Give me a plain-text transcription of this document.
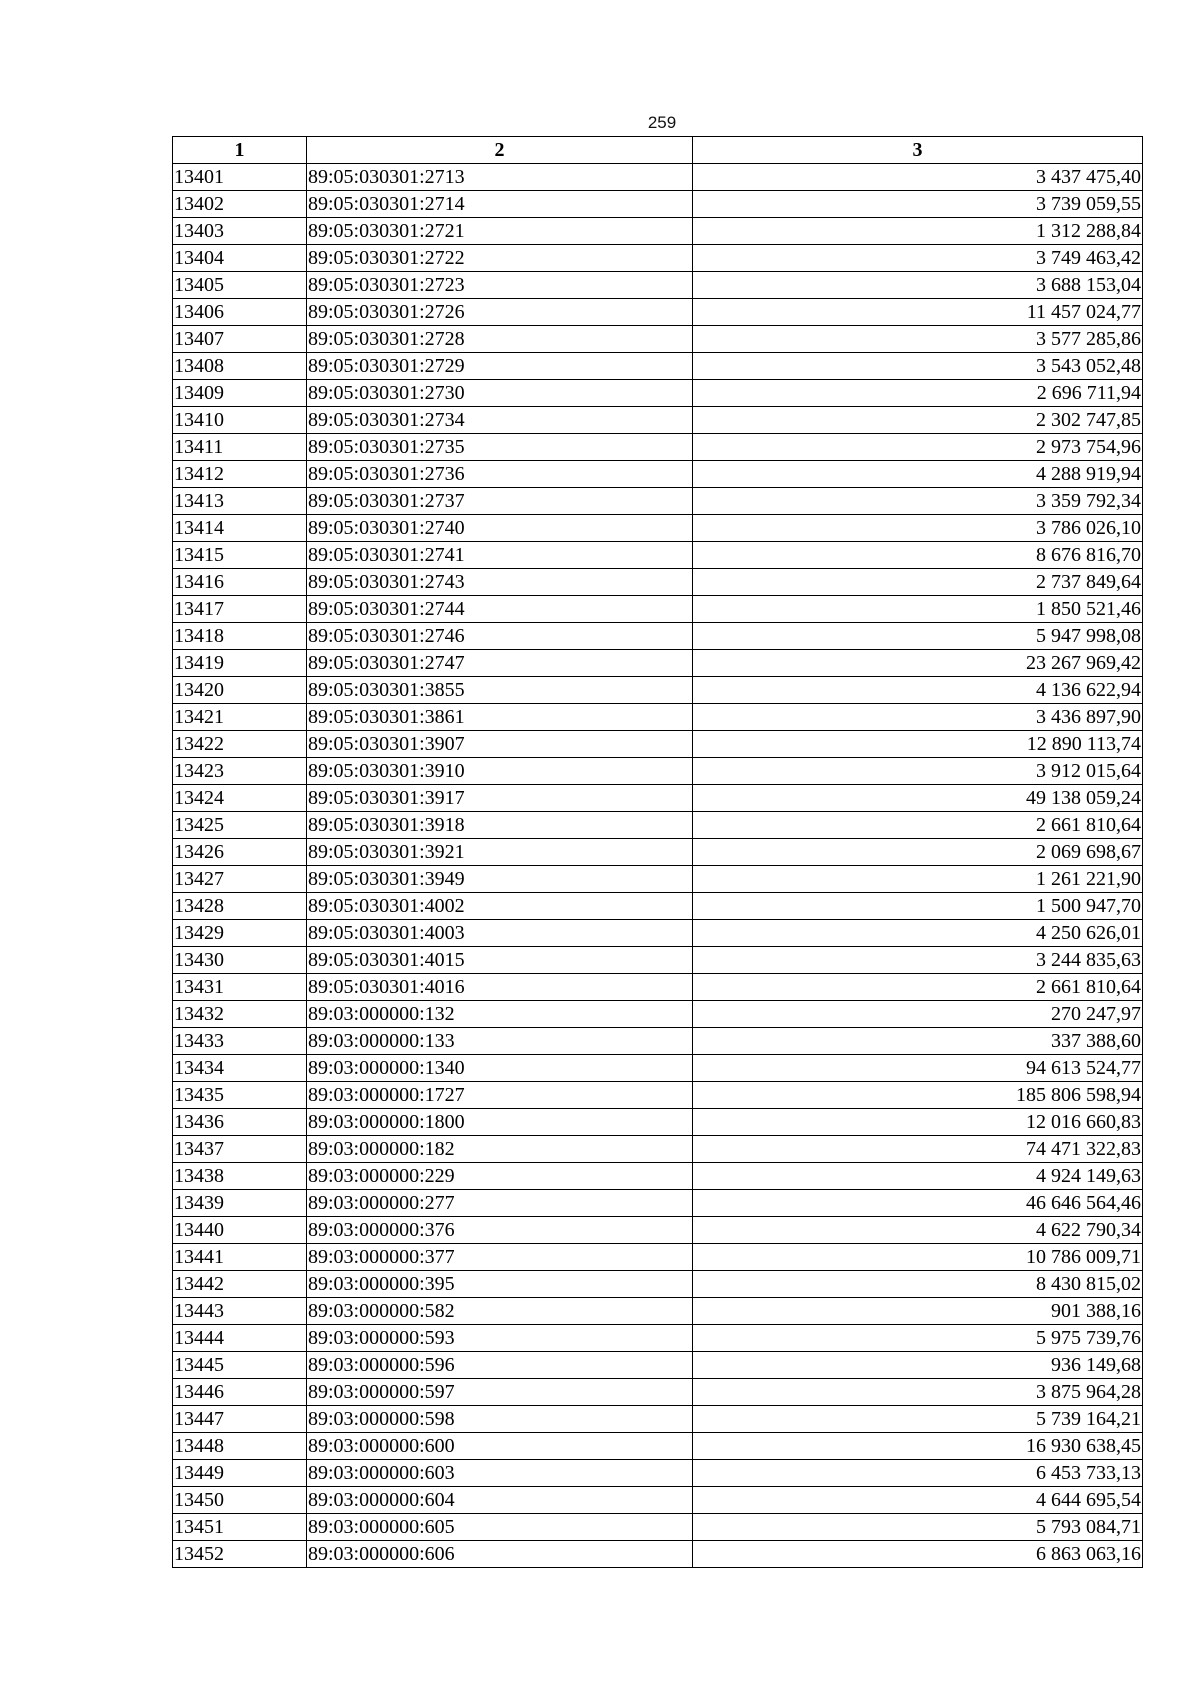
259
1	2	3
13401	89:05:030301:2713	3 437 475,40
13402	89:05:030301:2714	3 739 059,55
13403	89:05:030301:2721	1 312 288,84
13404	89:05:030301:2722	3 749 463,42
13405	89:05:030301:2723	3 688 153,04
13406	89:05:030301:2726	11 457 024,77
13407	89:05:030301:2728	3 577 285,86
13408	89:05:030301:2729	3 543 052,48
13409	89:05:030301:2730	2 696 711,94
13410	89:05:030301:2734	2 302 747,85
13411	89:05:030301:2735	2 973 754,96
13412	89:05:030301:2736	4 288 919,94
13413	89:05:030301:2737	3 359 792,34
13414	89:05:030301:2740	3 786 026,10
13415	89:05:030301:2741	8 676 816,70
13416	89:05:030301:2743	2 737 849,64
13417	89:05:030301:2744	1 850 521,46
13418	89:05:030301:2746	5 947 998,08
13419	89:05:030301:2747	23 267 969,42
13420	89:05:030301:3855	4 136 622,94
13421	89:05:030301:3861	3 436 897,90
13422	89:05:030301:3907	12 890 113,74
13423	89:05:030301:3910	3 912 015,64
13424	89:05:030301:3917	49 138 059,24
13425	89:05:030301:3918	2 661 810,64
13426	89:05:030301:3921	2 069 698,67
13427	89:05:030301:3949	1 261 221,90
13428	89:05:030301:4002	1 500 947,70
13429	89:05:030301:4003	4 250 626,01
13430	89:05:030301:4015	3 244 835,63
13431	89:05:030301:4016	2 661 810,64
13432	89:03:000000:132	270 247,97
13433	89:03:000000:133	337 388,60
13434	89:03:000000:1340	94 613 524,77
13435	89:03:000000:1727	185 806 598,94
13436	89:03:000000:1800	12 016 660,83
13437	89:03:000000:182	74 471 322,83
13438	89:03:000000:229	4 924 149,63
13439	89:03:000000:277	46 646 564,46
13440	89:03:000000:376	4 622 790,34
13441	89:03:000000:377	10 786 009,71
13442	89:03:000000:395	8 430 815,02
13443	89:03:000000:582	901 388,16
13444	89:03:000000:593	5 975 739,76
13445	89:03:000000:596	936 149,68
13446	89:03:000000:597	3 875 964,28
13447	89:03:000000:598	5 739 164,21
13448	89:03:000000:600	16 930 638,45
13449	89:03:000000:603	6 453 733,13
13450	89:03:000000:604	4 644 695,54
13451	89:03:000000:605	5 793 084,71
13452	89:03:000000:606	6 863 063,16
